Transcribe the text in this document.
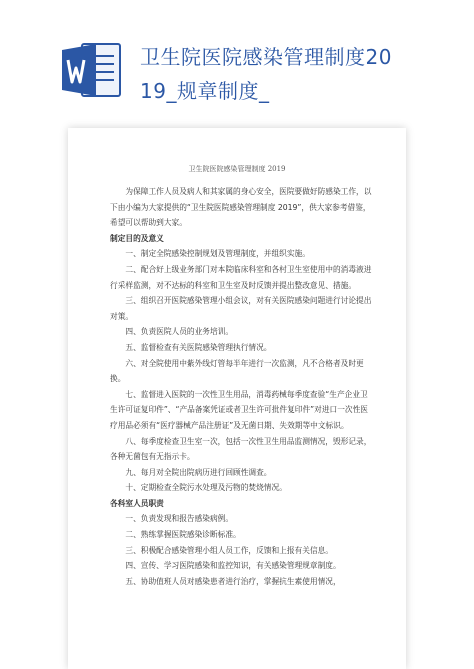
卫生院医院感染管理制度20
19_规章制度_
卫生院医院感染管理制度 2019
为保障工作人员及病人和其家属的身心安全，医院要做好防感染工作，以下由小编为大家提供的“卫生院医院感染管理制度 2019”，供大家参考借鉴，希望可以帮助到大家。
制定目的及意义
一、制定全院感染控制规划及管理制度，并组织实施。
二、配合好上级业务部门对本院临床科室和各村卫生室使用中的消毒液进行采样监测，对不达标的科室和卫生室及时反馈并提出整改意见、措施。
三、组织召开医院感染管理小组会议，对有关医院感染问题进行讨论提出对策。
四、负责医院人员的业务培训。
五、监督检查有关医院感染管理执行情况。
六、对全院使用中紫外线灯管每半年进行一次监测，凡不合格者及时更换。
七、监督进入医院的一次性卫生用品，消毒药械每季度查验“生产企业卫生许可证复印件”、“产品备案凭证或者卫生许可批件复印件”对进口一次性医疗用品必须有“医疗器械产品注册证”及无菌日期、失效期等中文标识。
八、每季度检查卫生室一次，包括一次性卫生用品监测情况，毁形记录，各种无菌包有无指示卡。
九、每月对全院出院病历进行回顾性调查。
十、定期检查全院污水处理及污物的焚烧情况。
各科室人员职责
一、负责发现和报告感染病例。
二、熟练掌握医院感染诊断标准。
三、积极配合感染管理小组人员工作，反馈和上报有关信息。
四、宣传、学习医院感染和监控知识，有关感染管理规章制度。
五、协助值班人员对感染患者进行治疗，掌握抗生素使用情况，
